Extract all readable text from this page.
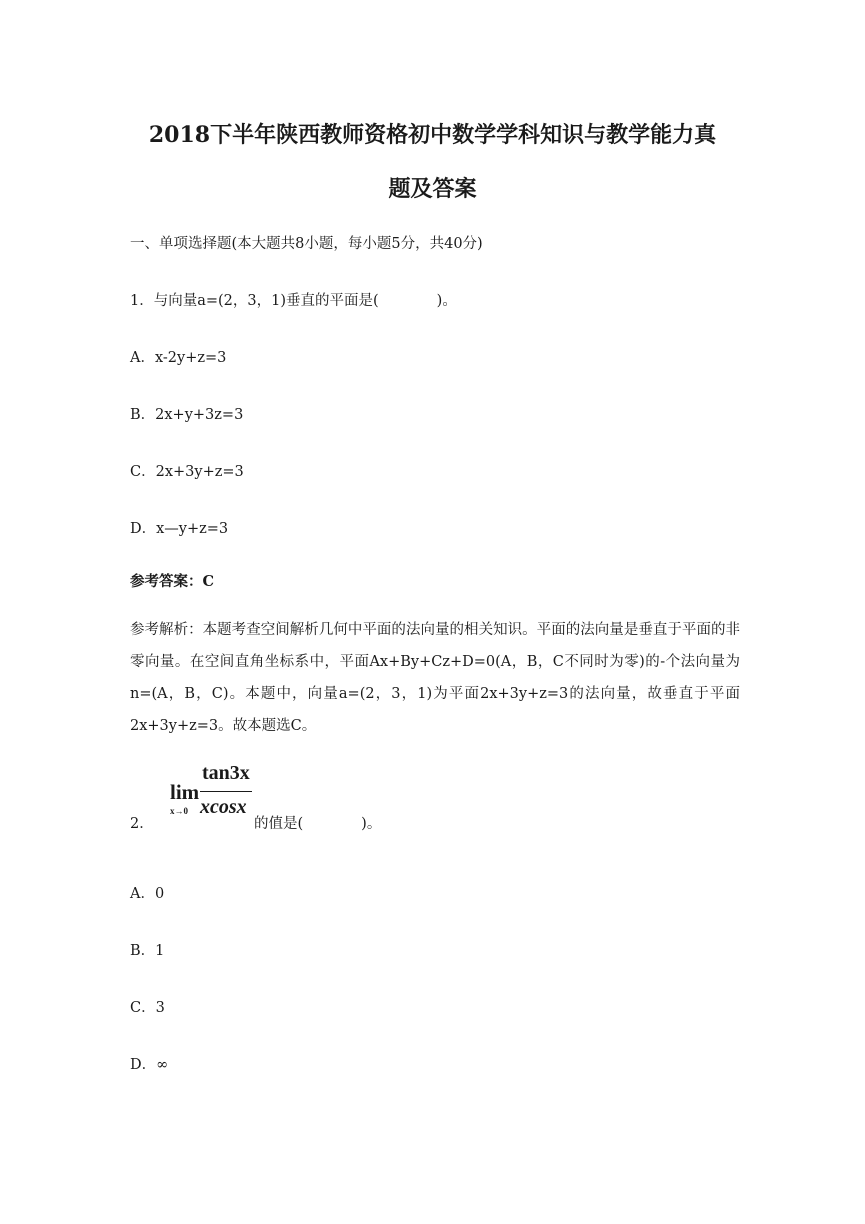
2018下半年陕西教师资格初中数学学科知识与教学能力真
题及答案

一、单项选择题(本大题共8小题，每小题5分，共40分)

1．与向量a=(2，3，1)垂直的平面是(　　　　)。

A．x-2y+z=3

B．2x+y+3z=3

C．2x+3y+z=3

D．x—y+z=3

参考答案：C

参考解析：本题考查空间解析几何中平面的法向量的相关知识。平面的法向量是垂直于平面的非零向量。在空间直角坐标系中，平面Ax+By+Cz+D=0(A，B，C不同时为零)的-个法向量为n=(A，B，C)。本题中，向量a=(2，3，1)为平面2x+3y+z=3的法向量，故垂直于平面2x+3y+z=3。故本题选C。

2．
lim
x→0
tan3x
xcosx
的值是(　　　　)。

A．0

B．1

C．3

D．∞
